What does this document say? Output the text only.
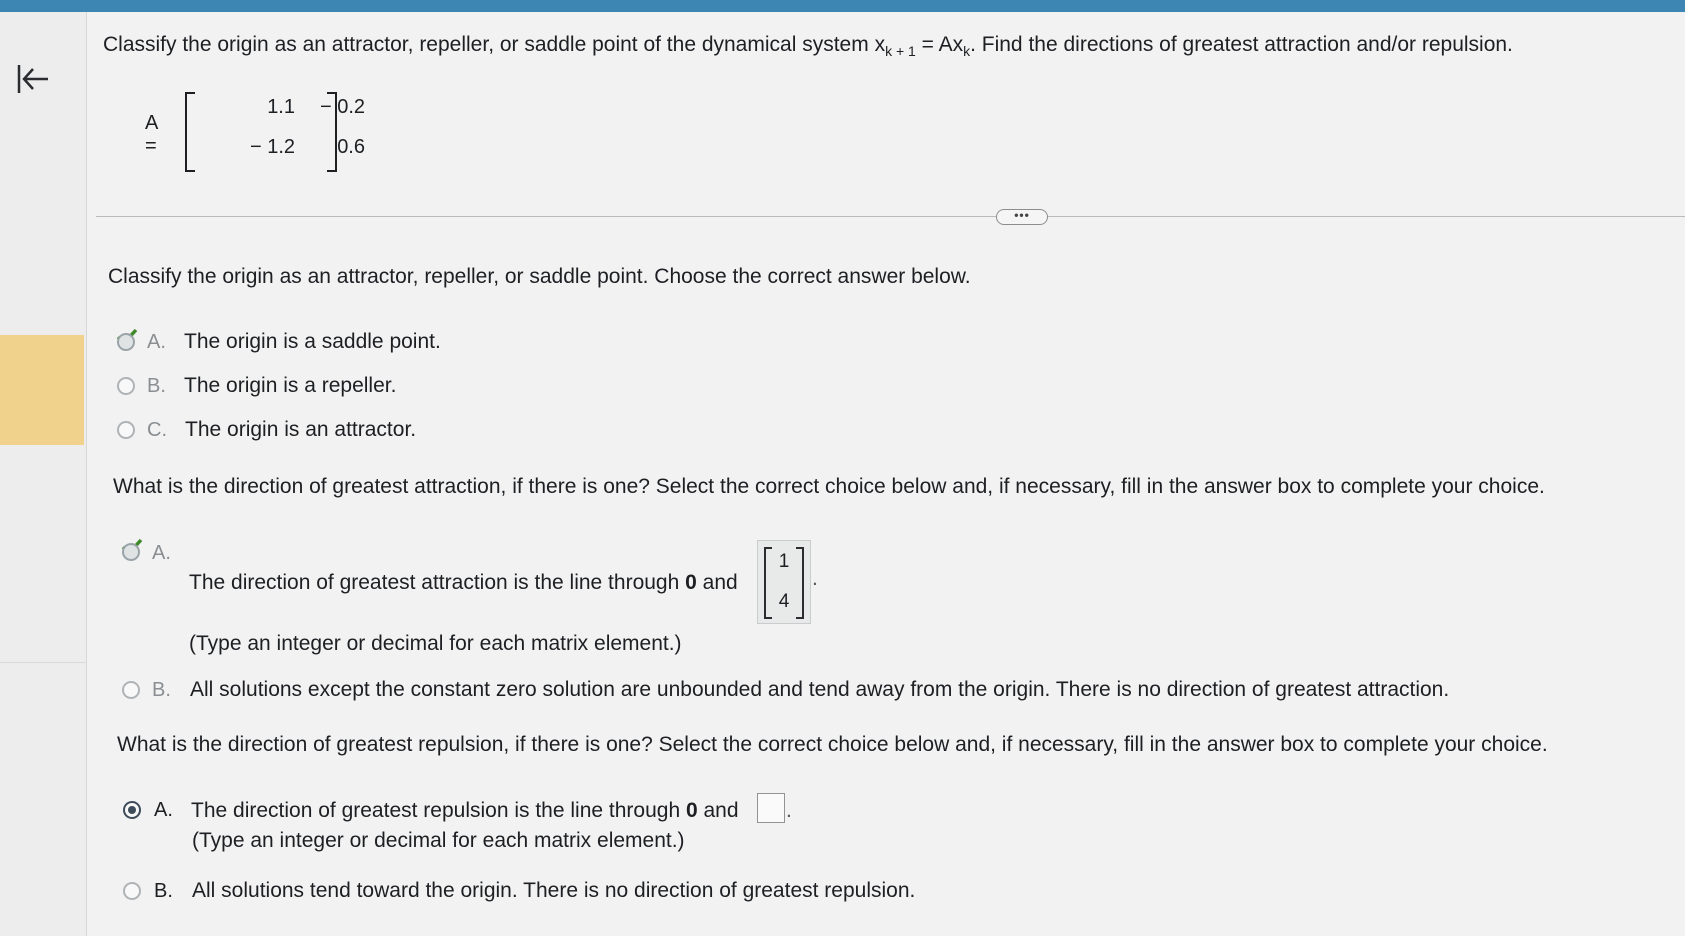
Classify the origin as an attractor, repeller, or saddle point of the dynamical system $x_{k + 1} = Ax_k$. Find the directions of greatest attraction and/or repulsion.
A =
1.1	− 0.2
− 1.2	0.6
Classify the origin as an attractor, repeller, or saddle point. Choose the correct answer below.
A. The origin is a saddle point.
B. The origin is a repeller.
C. The origin is an attractor.
What is the direction of greatest attraction, if there is one? Select the correct choice below and, if necessary, fill in the answer box to complete your choice.
A.
The direction of greatest attraction is the line through 0 and
1
4
.
(Type an integer or decimal for each matrix element.)
B. All solutions except the constant zero solution are unbounded and tend away from the origin. There is no direction of greatest attraction.
What is the direction of greatest repulsion, if there is one? Select the correct choice below and, if necessary, fill in the answer box to complete your choice.
A. The direction of greatest repulsion is the line through 0 and .
(Type an integer or decimal for each matrix element.)
B. All solutions tend toward the origin. There is no direction of greatest repulsion.
•••
